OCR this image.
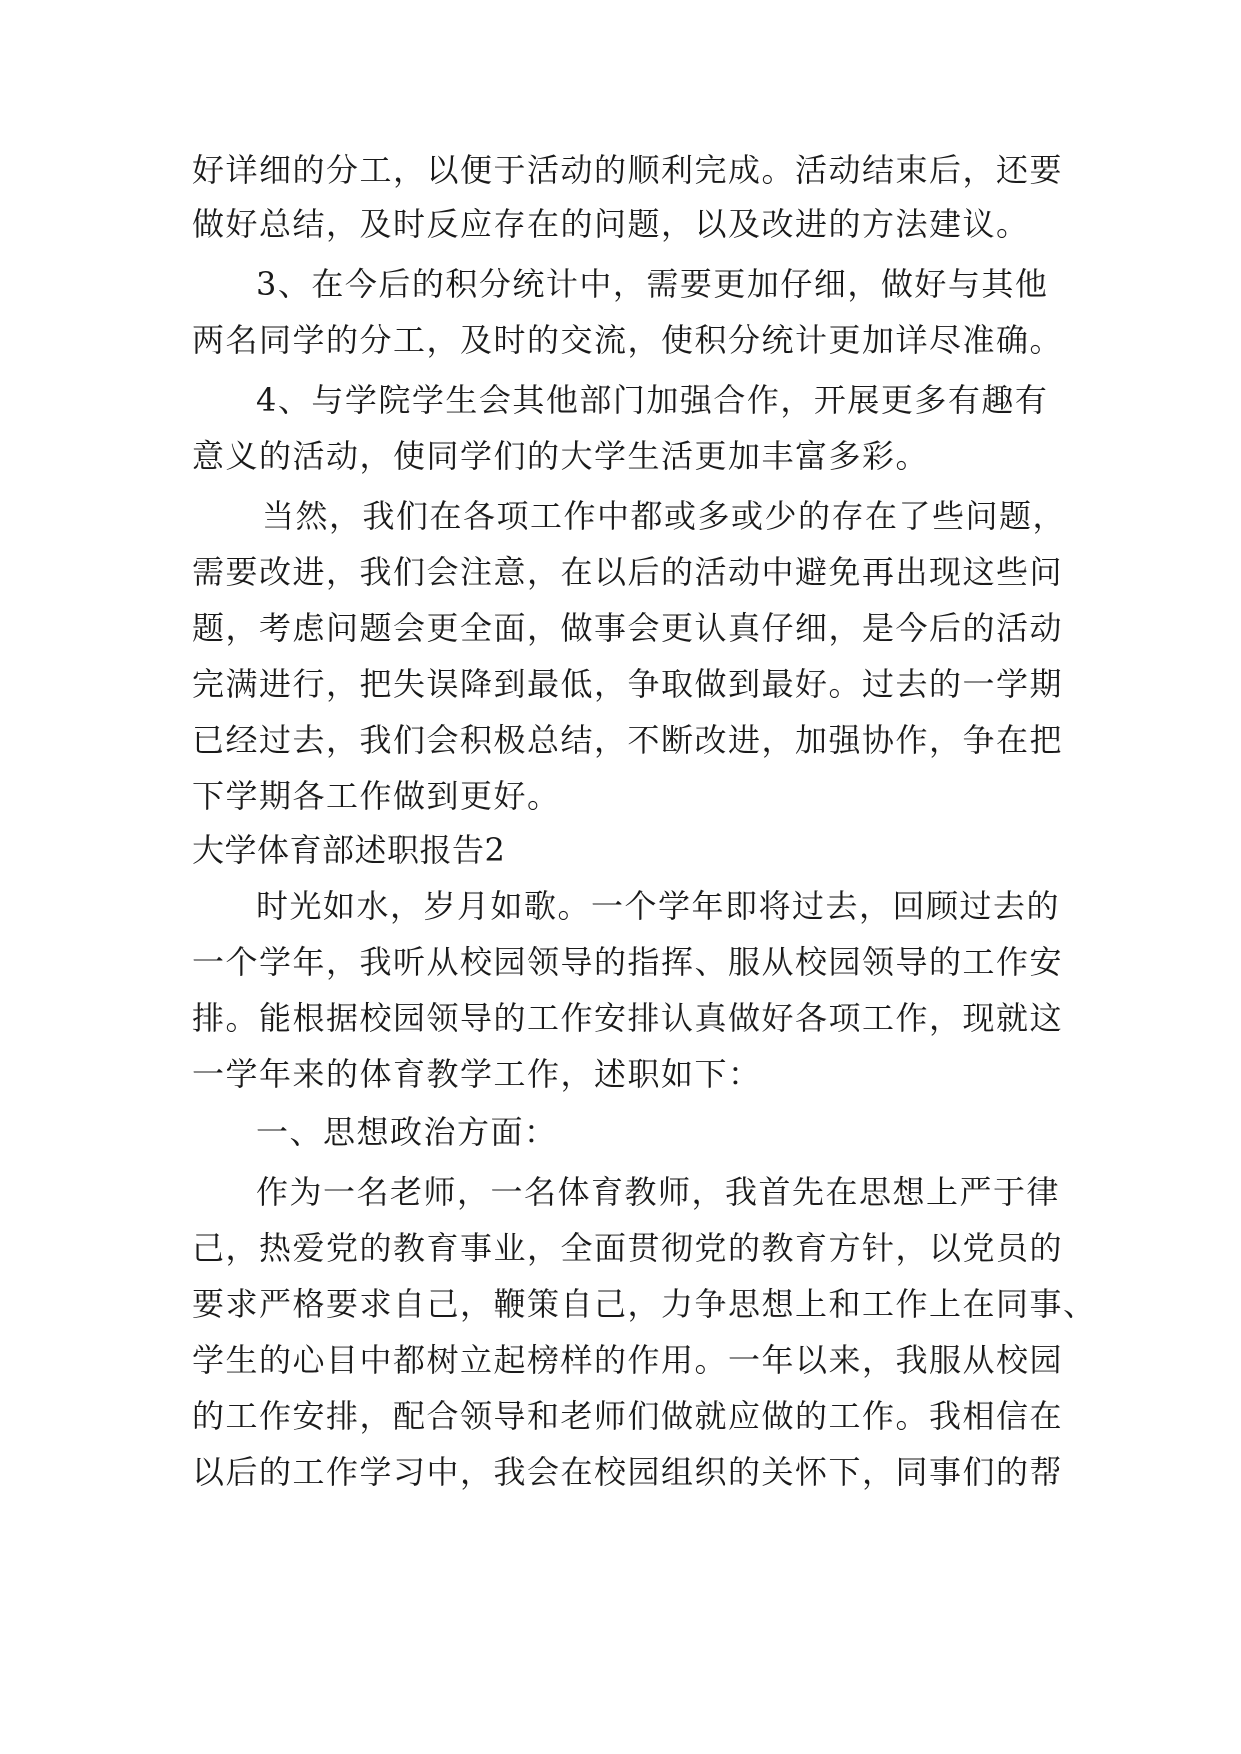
好详细的分工，以便于活动的顺利完成。活动结束后，还要

做好总结，及时反应存在的问题，以及改进的方法建议。

3、在今后的积分统计中，需要更加仔细，做好与其他

两名同学的分工，及时的交流，使积分统计更加详尽准确。

4、与学院学生会其他部门加强合作，开展更多有趣有

意义的活动，使同学们的大学生活更加丰富多彩。

当然，我们在各项工作中都或多或少的存在了些问题，

需要改进，我们会注意，在以后的活动中避免再出现这些问

题，考虑问题会更全面，做事会更认真仔细，是今后的活动

完满进行，把失误降到最低，争取做到最好。过去的一学期

已经过去，我们会积极总结，不断改进，加强协作，争在把

下学期各工作做到更好。

大学体育部述职报告2

时光如水，岁月如歌。一个学年即将过去，回顾过去的

一个学年，我听从校园领导的指挥、服从校园领导的工作安

排。能根据校园领导的工作安排认真做好各项工作，现就这

一学年来的体育教学工作，述职如下：

一、思想政治方面：

作为一名老师，一名体育教师，我首先在思想上严于律

己，热爱党的教育事业，全面贯彻党的教育方针，以党员的

要求严格要求自己，鞭策自己，力争思想上和工作上在同事、

学生的心目中都树立起榜样的作用。一年以来，我服从校园

的工作安排，配合领导和老师们做就应做的工作。我相信在

以后的工作学习中，我会在校园组织的关怀下，同事们的帮
